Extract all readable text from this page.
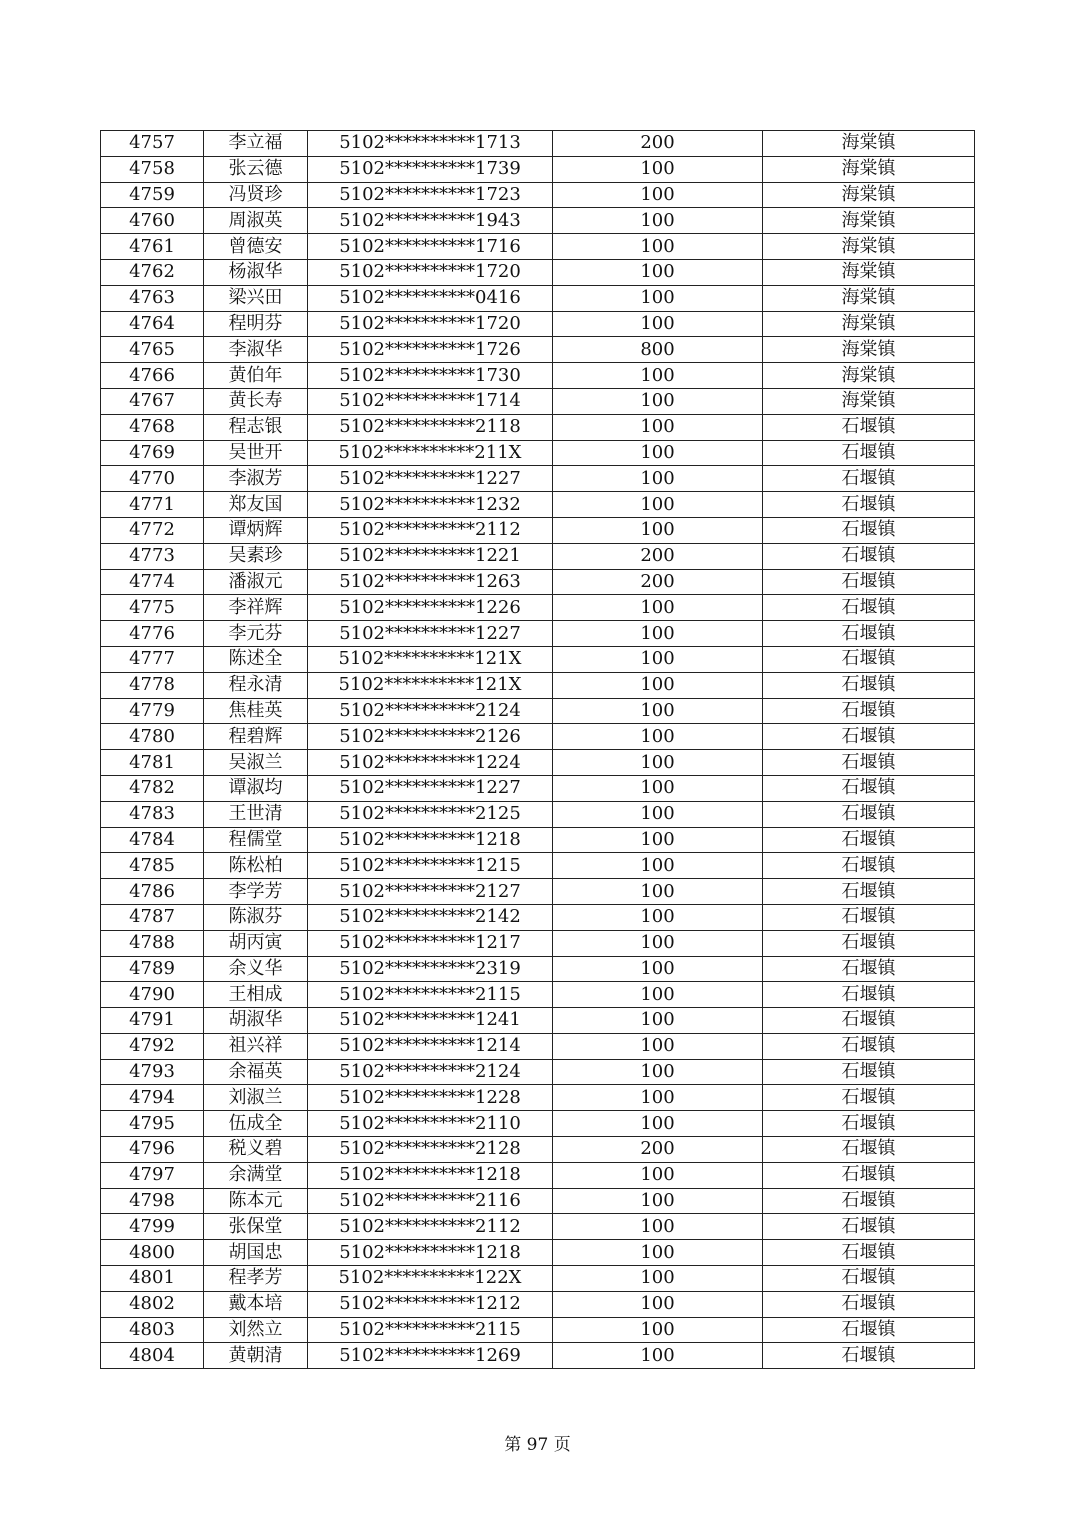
4757	李立福	5102**********1713	200	海棠镇
4758	张云德	5102**********1739	100	海棠镇
4759	冯贤珍	5102**********1723	100	海棠镇
4760	周淑英	5102**********1943	100	海棠镇
4761	曾德安	5102**********1716	100	海棠镇
4762	杨淑华	5102**********1720	100	海棠镇
4763	梁兴田	5102**********0416	100	海棠镇
4764	程明芬	5102**********1720	100	海棠镇
4765	李淑华	5102**********1726	800	海棠镇
4766	黄伯年	5102**********1730	100	海棠镇
4767	黄长寿	5102**********1714	100	海棠镇
4768	程志银	5102**********2118	100	石堰镇
4769	吴世开	5102**********211X	100	石堰镇
4770	李淑芳	5102**********1227	100	石堰镇
4771	郑友国	5102**********1232	100	石堰镇
4772	谭炳辉	5102**********2112	100	石堰镇
4773	吴素珍	5102**********1221	200	石堰镇
4774	潘淑元	5102**********1263	200	石堰镇
4775	李祥辉	5102**********1226	100	石堰镇
4776	李元芬	5102**********1227	100	石堰镇
4777	陈述全	5102**********121X	100	石堰镇
4778	程永清	5102**********121X	100	石堰镇
4779	焦桂英	5102**********2124	100	石堰镇
4780	程碧辉	5102**********2126	100	石堰镇
4781	吴淑兰	5102**********1224	100	石堰镇
4782	谭淑均	5102**********1227	100	石堰镇
4783	王世清	5102**********2125	100	石堰镇
4784	程儒堂	5102**********1218	100	石堰镇
4785	陈松柏	5102**********1215	100	石堰镇
4786	李学芳	5102**********2127	100	石堰镇
4787	陈淑芬	5102**********2142	100	石堰镇
4788	胡丙寅	5102**********1217	100	石堰镇
4789	余义华	5102**********2319	100	石堰镇
4790	王相成	5102**********2115	100	石堰镇
4791	胡淑华	5102**********1241	100	石堰镇
4792	祖兴祥	5102**********1214	100	石堰镇
4793	余福英	5102**********2124	100	石堰镇
4794	刘淑兰	5102**********1228	100	石堰镇
4795	伍成全	5102**********2110	100	石堰镇
4796	税义碧	5102**********2128	200	石堰镇
4797	余满堂	5102**********1218	100	石堰镇
4798	陈本元	5102**********2116	100	石堰镇
4799	张保堂	5102**********2112	100	石堰镇
4800	胡国忠	5102**********1218	100	石堰镇
4801	程孝芳	5102**********122X	100	石堰镇
4802	戴本培	5102**********1212	100	石堰镇
4803	刘然立	5102**********2115	100	石堰镇
4804	黄朝清	5102**********1269	100	石堰镇
第 97 页
